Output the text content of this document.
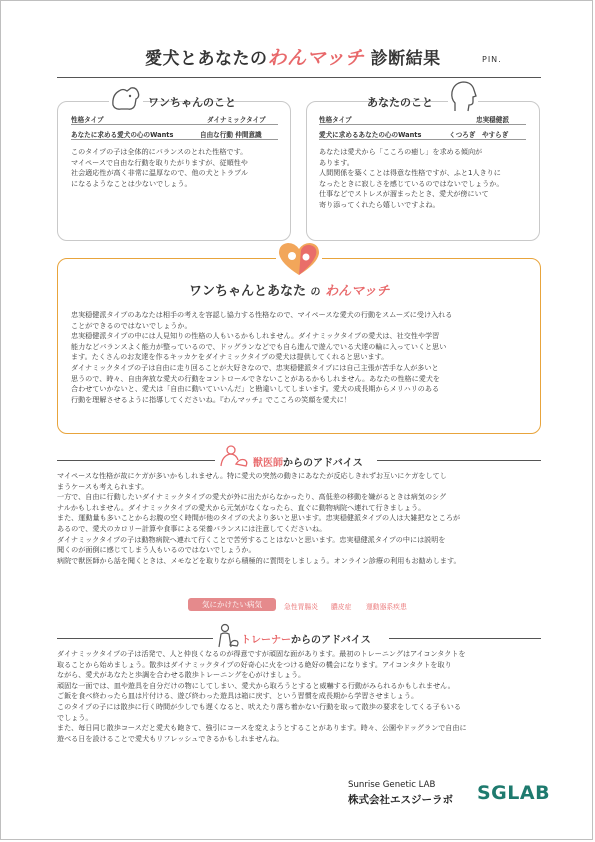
愛犬とあなたのわんマッチ 診断結果	PIN.
ワンちゃんのこと
性格タイプ	ダイナミックタイプ
あなたに求める愛犬の心のWants	自由な行動 仲間意識
このタイプの子は全体的にバランスのとれた性格です。
マイペースで自由な行動を取りたがりますが、従順性や
社会適応性が高く非常に温厚なので、他の犬とトラブル
になるようなことは少ないでしょう。
あなたのこと
性格タイプ	忠実穏健派
愛犬に求めるあなたの心のWants	くつろぎ　やすらぎ
あなたは愛犬から「こころの癒し」を求める傾向が
あります。
人間関係を築くことは得意な性格ですが、ふと1人きりに
なったときに寂しさを感じているのではないでしょうか。
仕事などでストレスが溜まったとき、愛犬が傍にいて
寄り添ってくれたら嬉しいですよね。
ワンちゃんとあなた の わんマッチ
忠実穏健派タイプのあなたは相手の考えを容認し協力する性格なので、マイペースな愛犬の行動をスムーズに受け入れる
ことができるのではないでしょうか。
忠実穏健派タイプの中には人見知りの性格の人もいるかもしれません。ダイナミックタイプの愛犬は、社交性や学習
能力などバランスよく能力が整っているので、ドッグランなどでも自ら進んで遊んでいる犬達の輪に入っていくと思い
ます。たくさんのお友達を作るキッカケをダイナミックタイプの愛犬は提供してくれると思います。
ダイナミックタイプの子は自由に走り回ることが大好きなので、忠実穏健派タイプには自己主張が苦手な人が多いと
思うので、時々、自由奔放な愛犬の行動をコントロールできないことがあるかもしれません。あなたの性格に愛犬を
合わせていかないと、愛犬は「自由に動いていいんだ」と勘違いしてしまいます。愛犬の成長期からメリハリのある
行動を理解させるように指導してくださいね。『わんマッチ』でこころの笑顔を愛犬に！
獣医師からのアドバイス
マイペースな性格が故にケガが多いかもしれません。特に愛犬の突然の動きにあなたが反応しきれずお互いにケガをしてし
まうケースも考えられます。
一方で、自由に行動したいダイナミックタイプの愛犬が外に出たがらなかったり、高低差の移動を嫌がるときは病気のシグ
ナルかもしれません。ダイナミックタイプの愛犬から元気がなくなったら、直ぐに動物病院へ連れて行きましょう。
また、運動量も多いことからお腹の空く時間が他のタイプの犬より多いと思います。忠実穏健派タイプの人は大雑把なところが
あるので、愛犬のカロリー計算や食事による栄養バランスには注意してくださいね。
ダイナミックタイプの子は動物病院へ連れて行くことで苦労することはないと思います。忠実穏健派タイプの中には説明を
聞くのが面倒に感じてしまう人もいるのではないでしょうか。
病院で獣医師から話を聞くときは、メモなどを取りながら積極的に質問をしましょう。オンライン診療の利用もお勧めします。
気にかけたい病気	急性胃腸炎 膿皮症 運動器系疾患
トレーナーからのアドバイス
ダイナミックタイプの子は活発で、人と仲良くなるのが得意ですが頑固な面があります。最初のトレーニングはアイコンタクトを
取ることから始めましょう。散歩はダイナミックタイプの好奇心に火をつける絶好の機会になります。アイコンタクトを取り
ながら、愛犬があなたと歩調を合わせる散歩トレーニングを心がけましょう。
頑固な一面では、皿や遊具を自分だけの物にしてしまい、愛犬から取ろうとすると威嚇する行動がみられるかもしれません。
ご飯を食べ終わったら皿は片付ける、遊び終わった遊具は箱に戻す、という習慣を成長期から学習させましょう。
このタイプの子には散歩に行く時間が少しでも遅くなると、吠えたり落ち着かない行動を取って散歩の要求をしてくる子もいる
でしょう。
また、毎日同じ散歩コースだと愛犬も飽きて、強引にコースを変えようとすることがあります。時々、公園やドッグランで自由に
遊べる日を設けることで愛犬もリフレッシュできるかもしれませんね。
Sunrise Genetic LAB
株式会社エスジーラボ SGLAB
